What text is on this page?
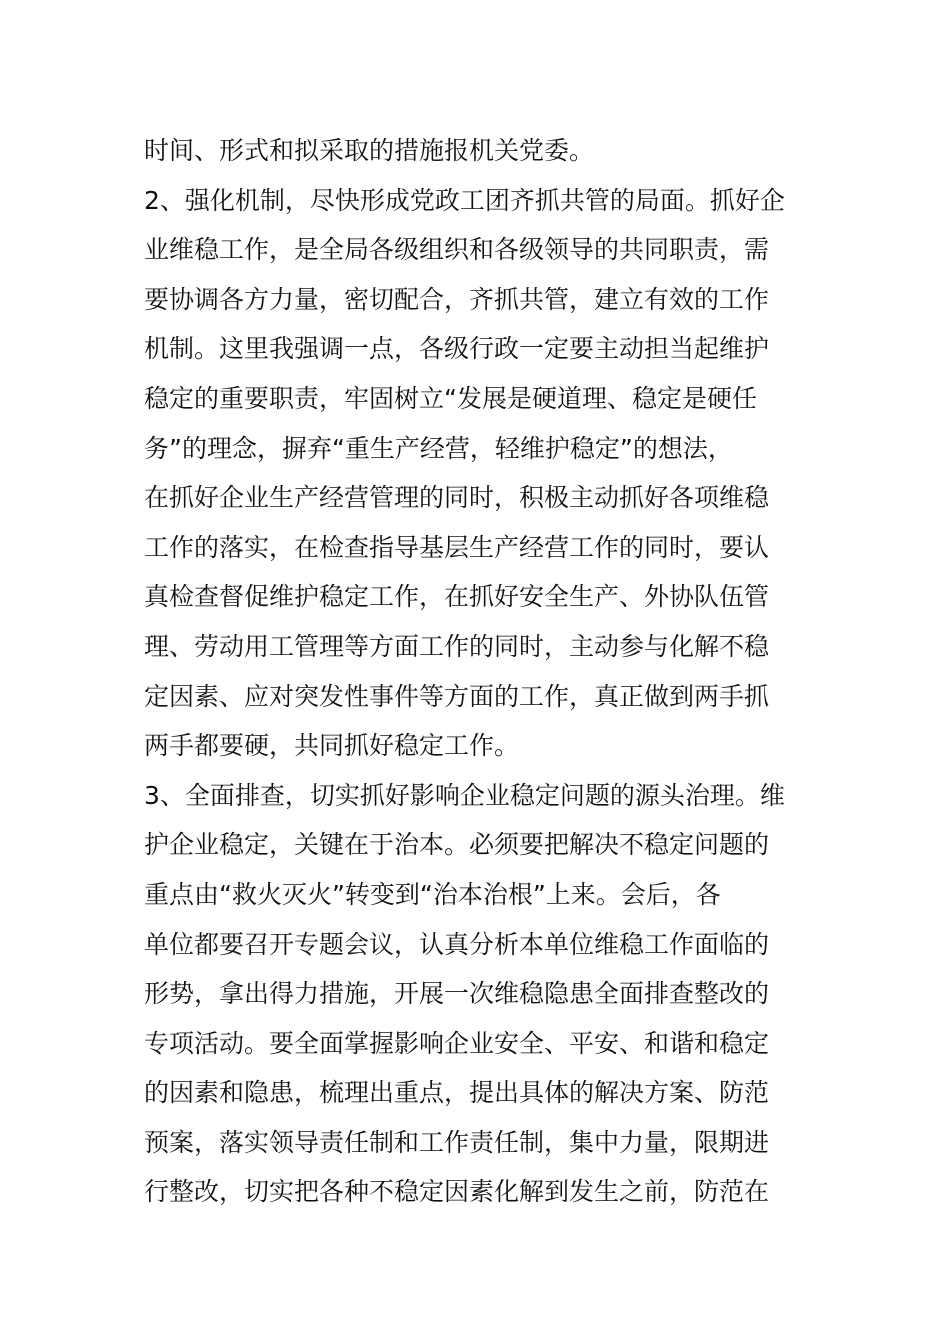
时间、形式和拟采取的措施报机关党委。
2、强化机制，尽快形成党政工团齐抓共管的局面。抓好企
业维稳工作，是全局各级组织和各级领导的共同职责，需
要协调各方力量，密切配合，齐抓共管，建立有效的工作
机制。这里我强调一点，各级行政一定要主动担当起维护
稳定的重要职责，牢固树立“发展是硬道理、稳定是硬任
务”的理念，摒弃“重生产经营，轻维护稳定”的想法，
在抓好企业生产经营管理的同时，积极主动抓好各项维稳
工作的落实，在检查指导基层生产经营工作的同时，要认
真检查督促维护稳定工作，在抓好安全生产、外协队伍管
理、劳动用工管理等方面工作的同时，主动参与化解不稳
定因素、应对突发性事件等方面的工作，真正做到两手抓
两手都要硬，共同抓好稳定工作。
3、全面排查，切实抓好影响企业稳定问题的源头治理。维
护企业稳定，关键在于治本。必须要把解决不稳定问题的
重点由“救火灭火”转变到“治本治根”上来。会后，各
单位都要召开专题会议，认真分析本单位维稳工作面临的
形势，拿出得力措施，开展一次维稳隐患全面排查整改的
专项活动。要全面掌握影响企业安全、平安、和谐和稳定
的因素和隐患，梳理出重点，提出具体的解决方案、防范
预案，落实领导责任制和工作责任制，集中力量，限期进
行整改，切实把各种不稳定因素化解到发生之前，防范在
